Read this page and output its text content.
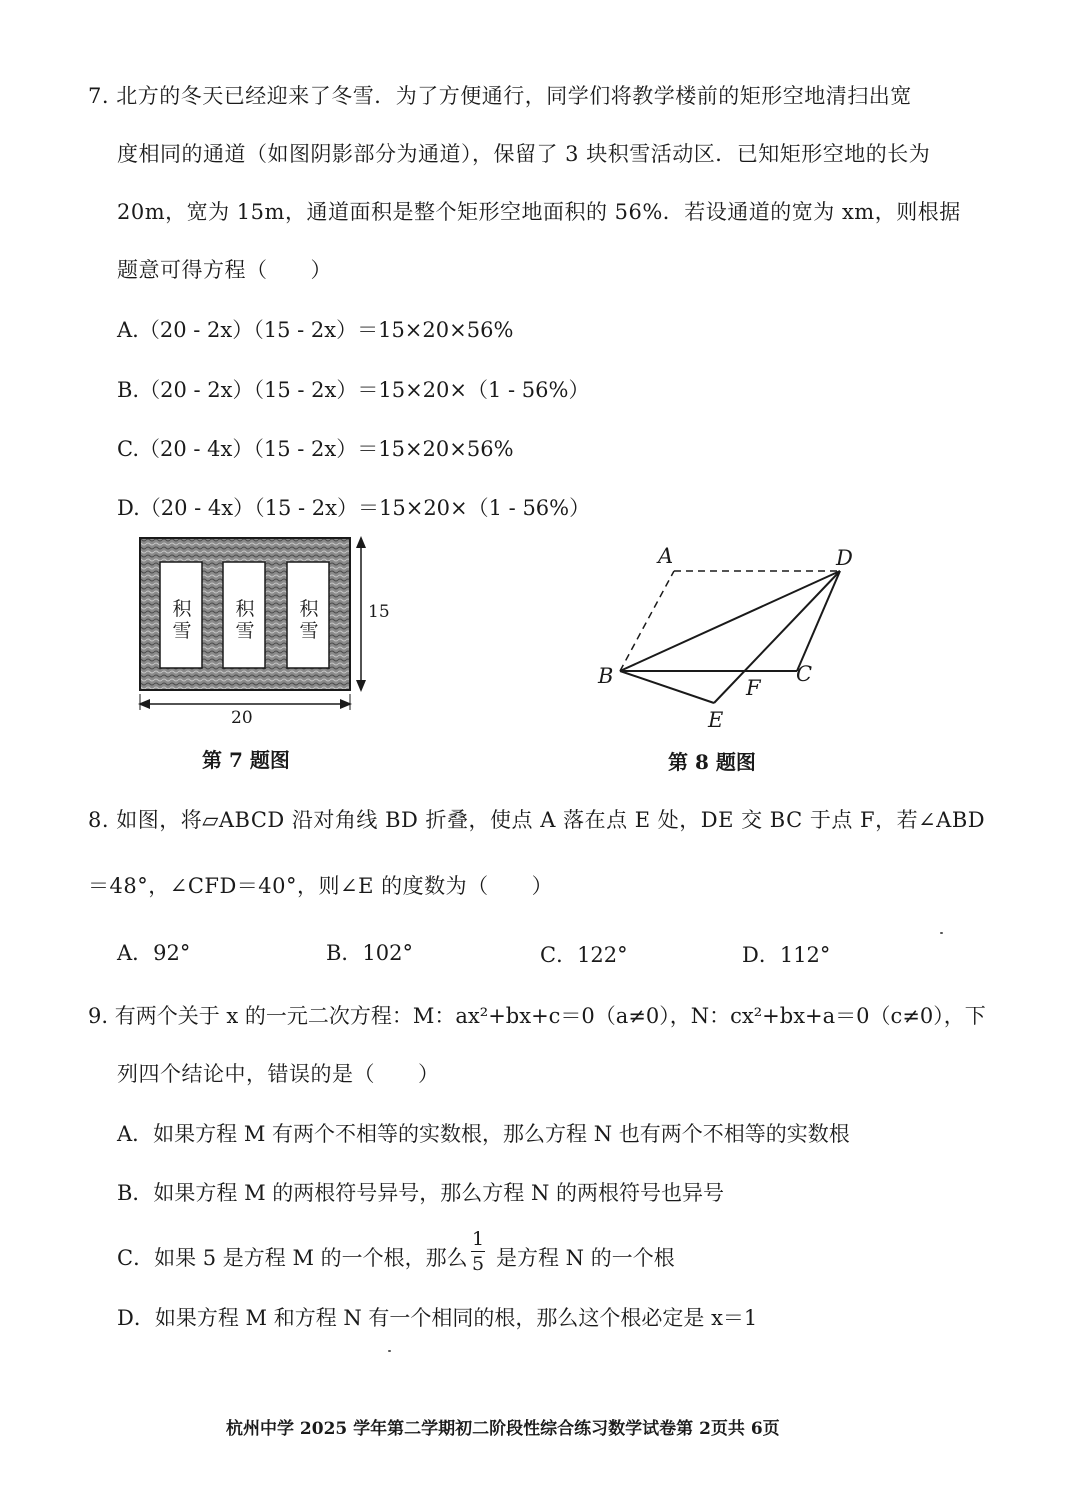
7. 北方的冬天已经迎来了冬雪．为了方便通行，同学们将教学楼前的矩形空地清扫出宽
度相同的通道（如图阴影部分为通道），保留了 3 块积雪活动区．已知矩形空地的长为
20m，宽为 15m，通道面积是整个矩形空地面积的 56%．若设通道的宽为 xm，则根据
题意可得方程（　　）
A.（20 - 2x）（15 - 2x）＝15×20×56%
B.（20 - 2x）（15 - 2x）＝15×20×（1 - 56%）
C.（20 - 4x）（15 - 2x）＝15×20×56%
D.（20 - 4x）（15 - 2x）＝15×20×（1 - 56%）
积雪
积雪
积雪
15
20
第 7 题图
A	D
B	C
F
E
第 8 题图
8. 如图，将▱ABCD 沿对角线 BD 折叠，使点 A 落在点 E 处，DE 交 BC 于点 F，若∠ABD
＝48°，∠CFD＝40°，则∠E 的度数为（　　）
A．92°	B．102°	C．122°	D．112°
9. 有两个关于 x 的一元二次方程：M：ax²+bx+c＝0（a≠0），N：cx²+bx+a＝0（c≠0），下
列四个结论中，错误的是（　　）
A．如果方程 M 有两个不相等的实数根，那么方程 N 也有两个不相等的实数根
B．如果方程 M 的两根符号异号，那么方程 N 的两根符号也异号
C．如果 5 是方程 M 的一个根，那么
1
5 是方程 N 的一个根
D．如果方程 M 和方程 N 有一个相同的根，那么这个根必定是 x＝1
杭州中学 2025 学年第二学期初二阶段性综合练习数学试卷第 2页共 6页
